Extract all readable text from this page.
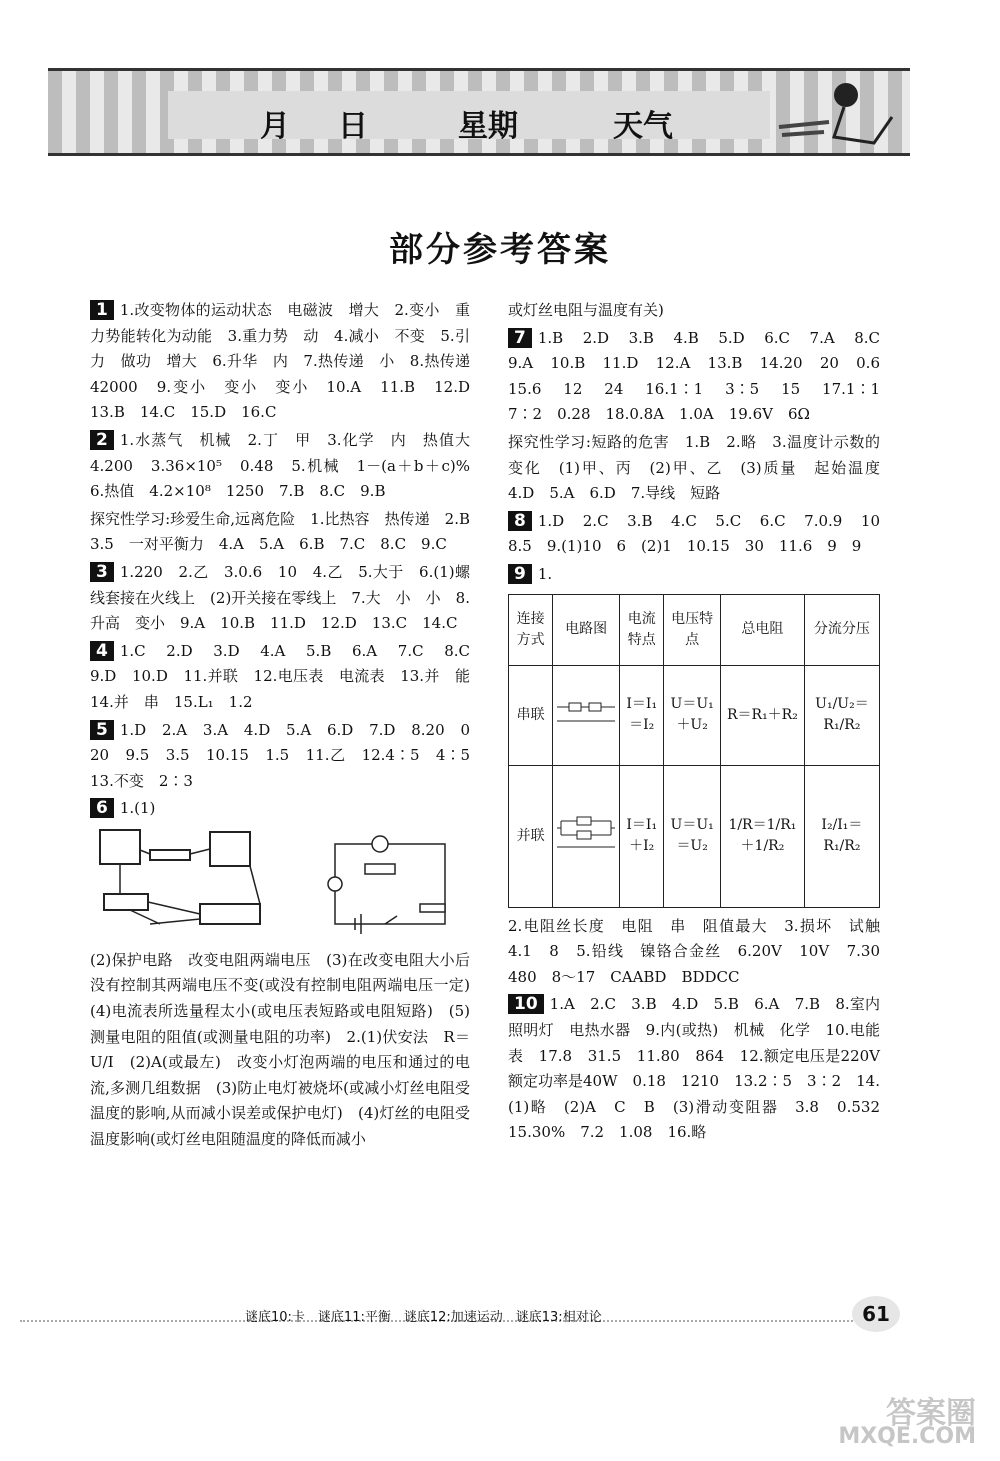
月 日	星期	天气
部分参考答案

1 1.改变物体的运动状态　电磁波　增大　2.变小　重力势能转化为动能　3.重力势　动　4.减小　不变　5.引力　做功　增大　6.升华　内　7.热传递　小　8.热传递　42000　9.变小　变小　变小　10.A　11.B　12.D　13.B　14.C　15.D　16.C

2 1.水蒸气　机械　2.丁　甲　3.化学　内　热值大　4.200　3.36×10⁵　0.48　5.机械　1－(a＋b＋c)%　6.热值　4.2×10⁸　1250　7.B　8.C　9.B

探究性学习:珍爱生命,远离危险　1.比热容　热传递　2.B　3.5　一对平衡力　4.A　5.A　6.B　7.C　8.C　9.C

3 1.220　2.乙　3.0.6　10　4.乙　5.大于　6.(1)螺线套接在火线上　(2)开关接在零线上　7.大　小　小　8.升高　变小　9.A　10.B　11.D　12.D　13.C　14.C

4 1.C　2.D　3.D　4.A　5.B　6.A　7.C　8.C　9.D　10.D　11.并联　12.电压表　电流表　13.并　能　14.并　串　15.L₁　1.2

5 1.D　2.A　3.A　4.D　5.A　6.D　7.D　8.20　0　20　9.5　3.5　10.15　1.5　11.乙　12.4∶5　4∶5　13.不变　2∶3

6 1.(1)

(2)保护电路　改变电阻两端电压　(3)在改变电阻大小后没有控制其两端电压不变(或没有控制电阻两端电压一定)　(4)电流表所选量程太小(或电压表短路或电阻短路)　(5)测量电阻的阻值(或测量电阻的功率)　2.(1)伏安法　R＝U/I　(2)A(或最左)　改变小灯泡两端的电压和通过的电流,多测几组数据　(3)防止电灯被烧坏(或减小灯丝电阻受温度的影响,从而减小误差或保护电灯)　(4)灯丝的电阻受温度影响(或灯丝电阻随温度的降低而减小

或灯丝电阻与温度有关)

7 1.B　2.D　3.B　4.B　5.D　6.C　7.A　8.C　9.A　10.B　11.D　12.A　13.B　14.20　20　0.6　15.6　12　24　16.1∶1　3∶5　15　17.1∶1　7∶2　0.28　18.0.8A　1.0A　19.6V　6Ω

探究性学习:短路的危害　1.B　2.略　3.温度计示数的变化　(1)甲、丙　(2)甲、乙　(3)质量　起始温度　4.D　5.A　6.D　7.导线　短路

8 1.D　2.C　3.B　4.C　5.C　6.C　7.0.9　10　8.5　9.(1)10　6　(2)1　10.15　30　11.6　9　9

9 1.

连接方式	电路图	电流特点	电压特点	总电阻	分流分压
串联		I＝I₁＝I₂	U＝U₁＋U₂	R＝R₁＋R₂	U₁/U₂＝R₁/R₂
并联		I＝I₁＋I₂	U＝U₁＝U₂	1/R＝1/R₁＋1/R₂	I₂/I₁＝R₁/R₂

2.电阻丝长度　电阻　串　阻值最大　3.损坏　试触　4.1　8　5.铅线　镍铬合金丝　6.20V　10V　7.30　480　8～17　CAABD　BDDCC

10 1.A　2.C　3.B　4.D　5.B　6.A　7.B　8.室内照明灯　电热水器　9.内(或热)　机械　化学　10.电能表　17.8　31.5　11.80　864　12.额定电压是220V　额定功率是40W　0.18　1210　13.2∶5　3∶2　14.(1)略　(2)A　C　B　(3)滑动变阻器　3.8　0.532　15.30%　7.2　1.08　16.略

谜底10:卡　谜底11:平衡　谜底12:加速运动　谜底13:相对论	61
答案圈
MXQE.COM
